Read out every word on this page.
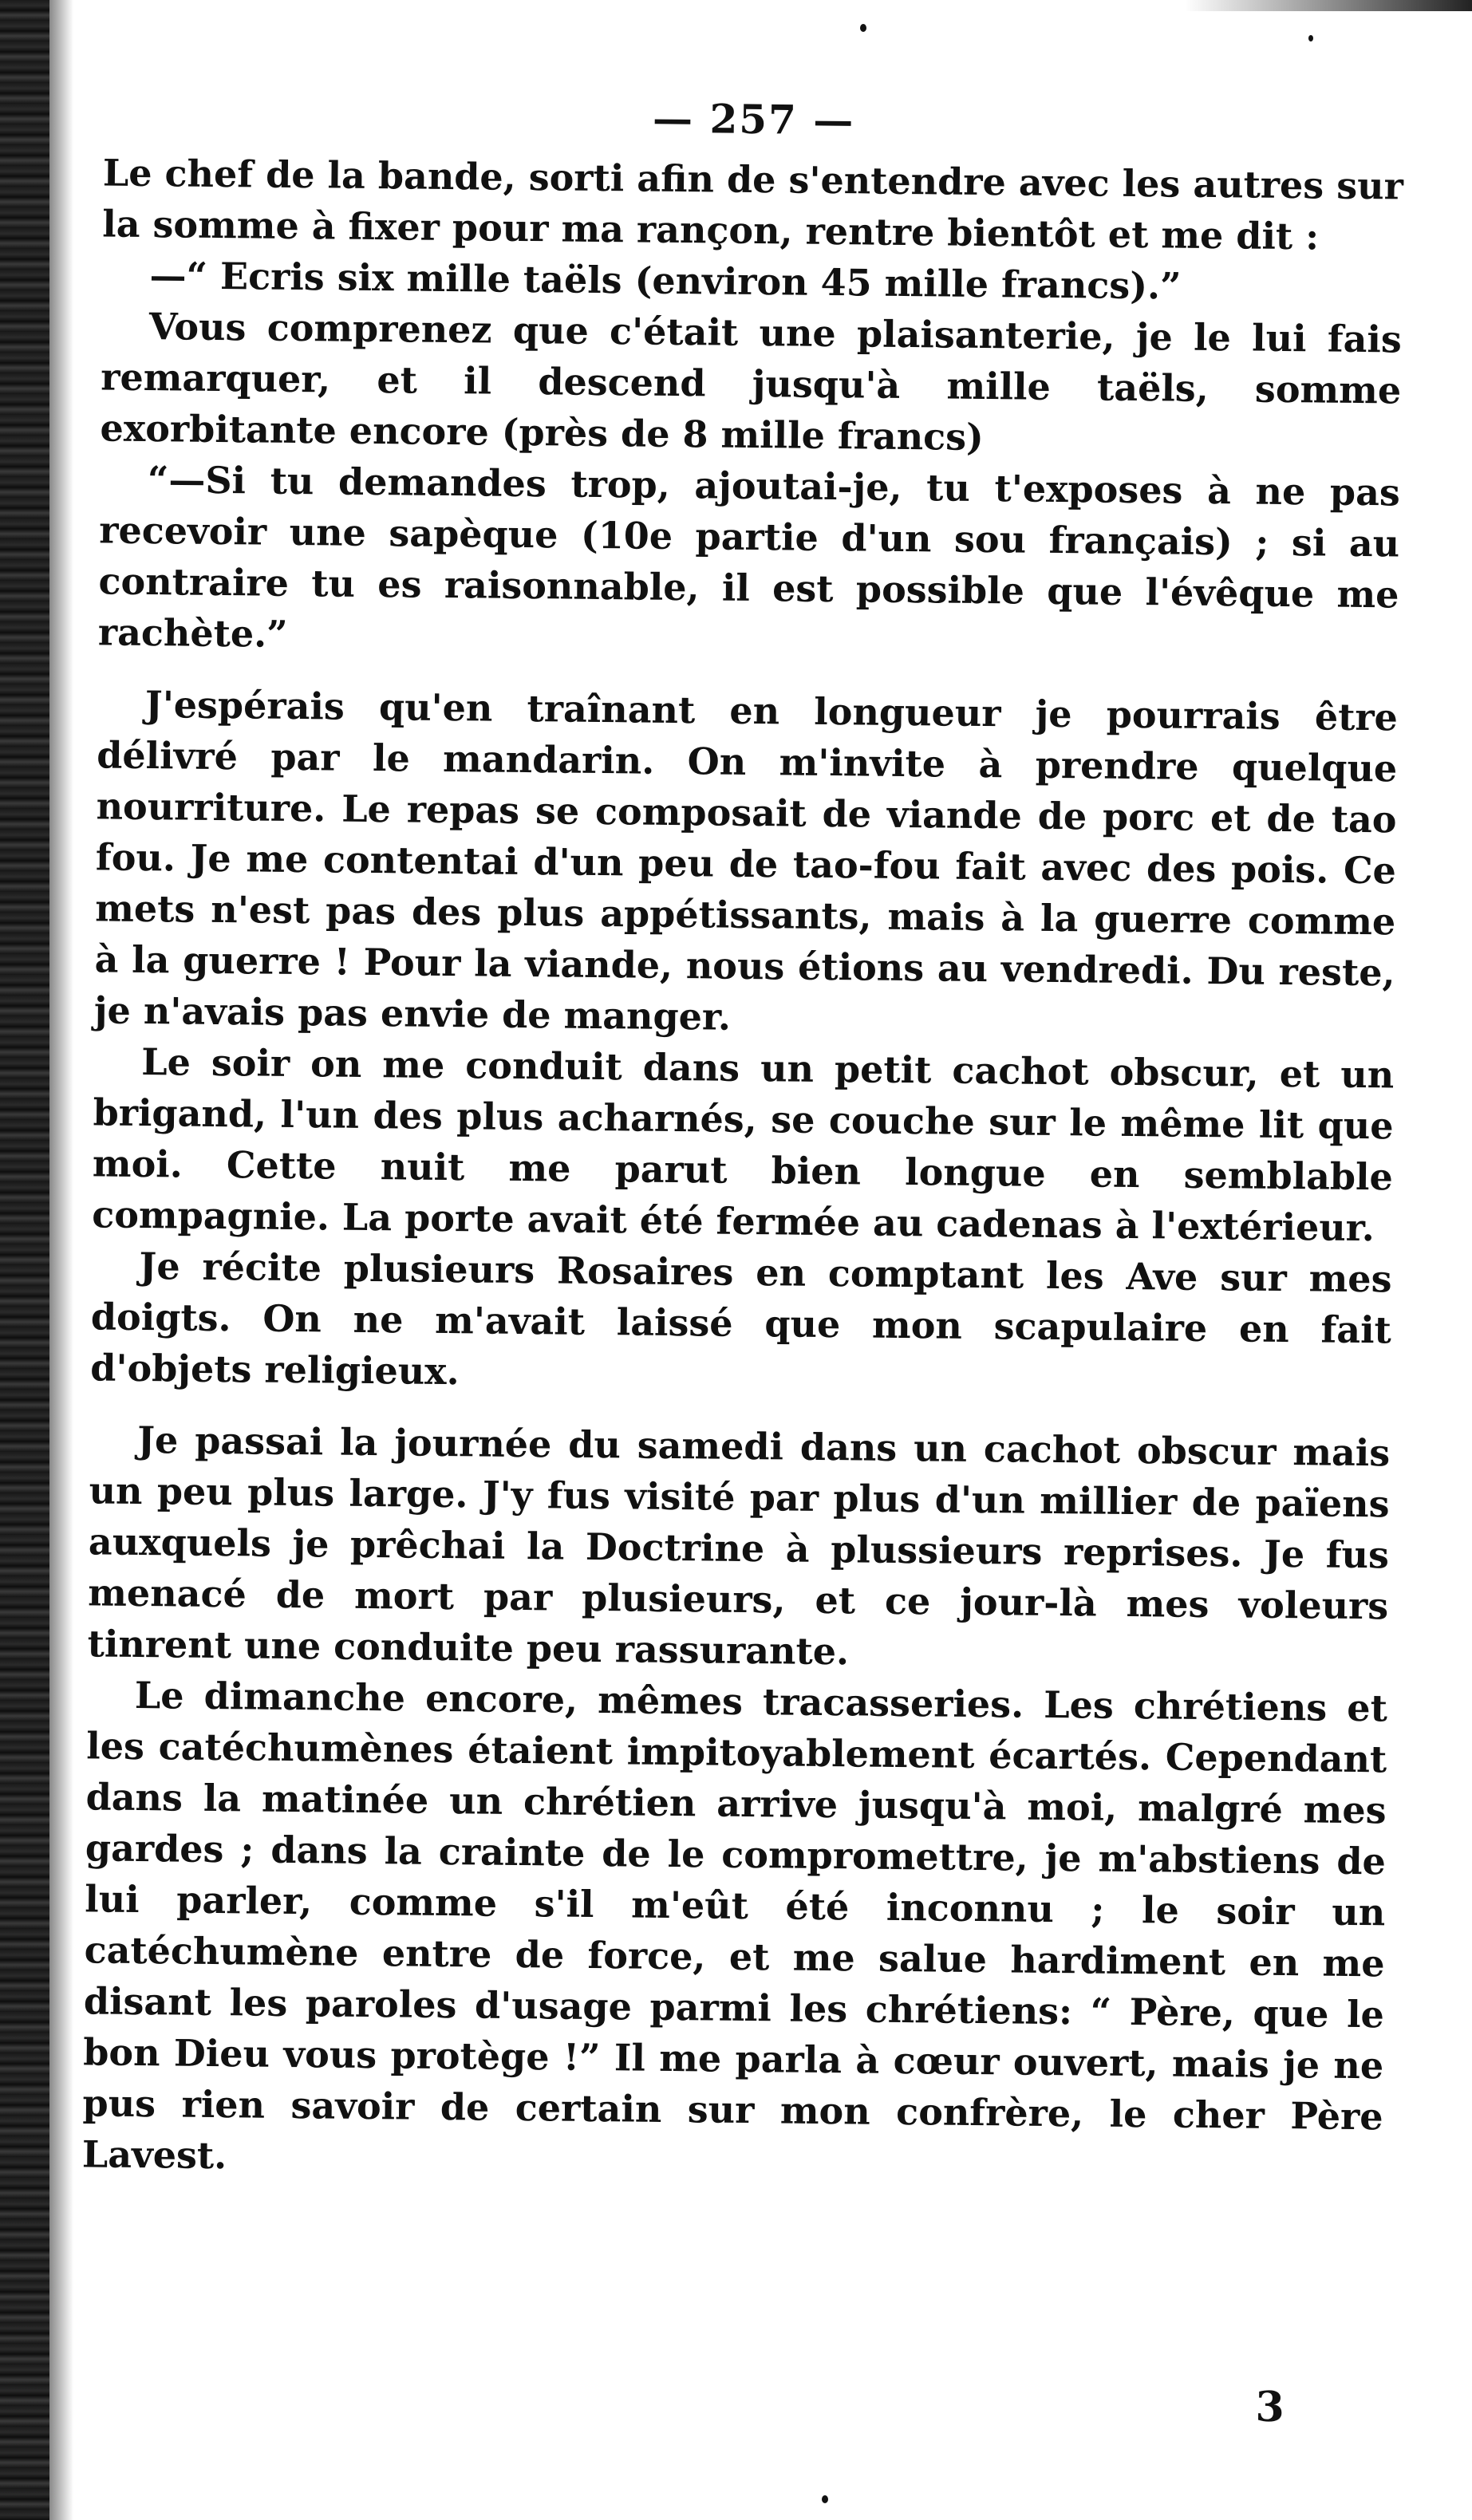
— 257 —

Le chef de la bande, sorti afin de s'entendre avec les autres sur la somme à fixer pour ma rançon, rentre bientôt et me dit :

—“ Ecris six mille taëls (environ 45 mille francs).”

Vous comprenez que c'était une plaisanterie, je le lui fais remarquer, et il descend jusqu'à mille taëls, somme exorbitante encore (près de 8 mille francs)

“—Si tu demandes trop, ajoutai-je, tu t'exposes à ne pas recevoir une sapèque (10e partie d'un sou français) ; si au contraire tu es raisonnable, il est possible que l'évêque me rachète.”

J'espérais qu'en traînant en longueur je pourrais être délivré par le mandarin. On m'invite à prendre quelque nourriture. Le repas se composait de viande de porc et de tao fou. Je me contentai d'un peu de tao-fou fait avec des pois. Ce mets n'est pas des plus appétissants, mais à la guerre comme à la guerre ! Pour la viande, nous étions au vendredi. Du reste, je n'avais pas envie de manger.

Le soir on me conduit dans un petit cachot obscur, et un brigand, l'un des plus acharnés, se couche sur le même lit que moi. Cette nuit me parut bien longue en semblable compagnie. La porte avait été fermée au cadenas à l'extérieur.

Je récite plusieurs Rosaires en comptant les Ave sur mes doigts. On ne m'avait laissé que mon scapulaire en fait d'objets religieux.

Je passai la journée du samedi dans un cachot obscur mais un peu plus large. J'y fus visité par plus d'un millier de païens auxquels je prêchai la Doctrine à plussieurs reprises. Je fus menacé de mort par plusieurs, et ce jour-là mes voleurs tinrent une conduite peu rassurante.

Le dimanche encore, mêmes tracasseries. Les chrétiens et les catéchumènes étaient impitoyablement écartés. Cependant dans la matinée un chrétien arrive jusqu'à moi, malgré mes gardes ; dans la crainte de le compromettre, je m'abstiens de lui parler, comme s'il m'eût été inconnu ; le soir un catéchumène entre de force, et me salue hardiment en me disant les paroles d'usage parmi les chrétiens: “ Père, que le bon Dieu vous protège !” Il me parla à cœur ouvert, mais je ne pus rien savoir de certain sur mon confrère, le cher Père Lavest.

3
